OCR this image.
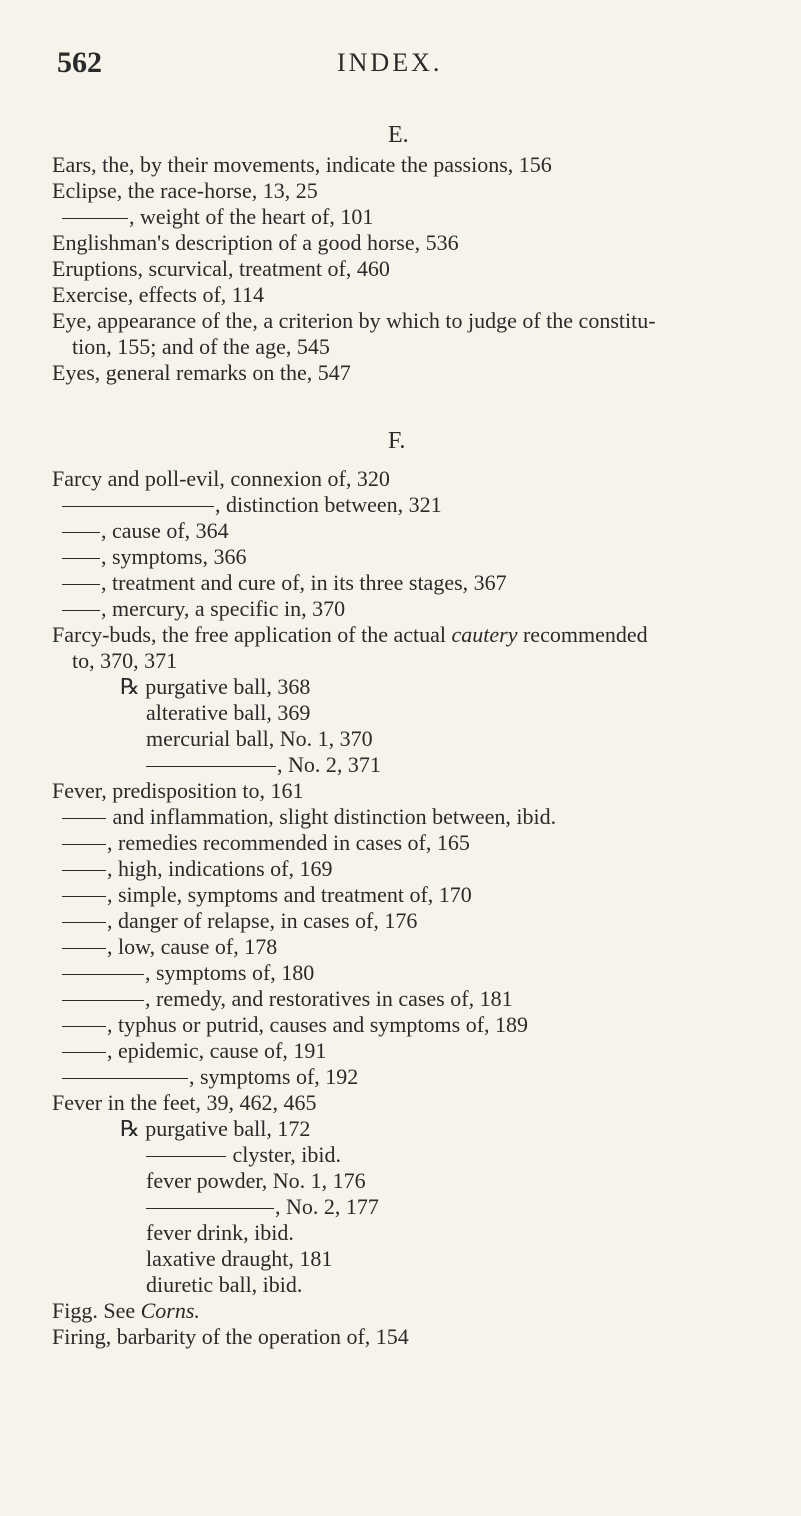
562	INDEX.
E.
Ears, the, by their movements, indicate the passions, 156
Eclipse, the race-horse, 13, 25
, weight of the heart of, 101
Englishman's description of a good horse, 536
Eruptions, scurvical, treatment of, 460
Exercise, effects of, 114
Eye, appearance of the, a criterion by which to judge of the constitu-
tion, 155; and of the age, 545
Eyes, general remarks on the, 547
F.
Farcy and poll-evil, connexion of, 320
, distinction between, 321
, cause of, 364
, symptoms, 366
, treatment and cure of, in its three stages, 367
, mercury, a specific in, 370
Farcy-buds, the free application of the actual cautery recommended
to, 370, 371
℞ purgative ball, 368
alterative ball, 369
mercurial ball, No. 1, 370
, No. 2, 371
Fever, predisposition to, 161
and inflammation, slight distinction between, ibid.
, remedies recommended in cases of, 165
, high, indications of, 169
, simple, symptoms and treatment of, 170
, danger of relapse, in cases of, 176
, low, cause of, 178
, symptoms of, 180
, remedy, and restoratives in cases of, 181
, typhus or putrid, causes and symptoms of, 189
, epidemic, cause of, 191
, symptoms of, 192
Fever in the feet, 39, 462, 465
℞ purgative ball, 172
clyster, ibid.
fever powder, No. 1, 176
, No. 2, 177
fever drink, ibid.
laxative draught, 181
diuretic ball, ibid.
Figg. See Corns.
Firing, barbarity of the operation of, 154
